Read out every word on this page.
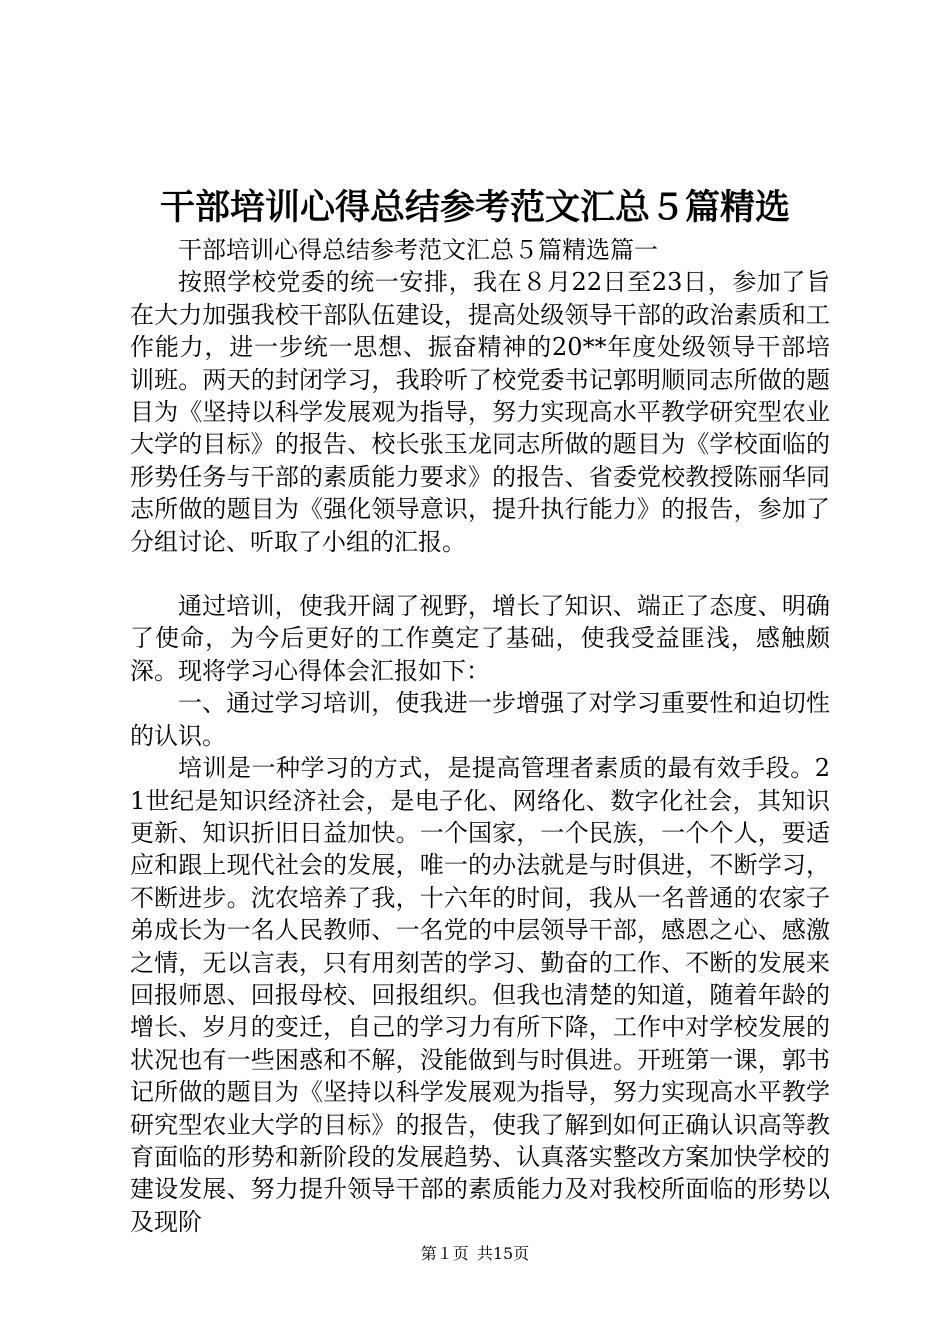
干部培训心得总结参考范文汇总５篇精选

干部培训心得总结参考范文汇总５篇精选篇一

按照学校党委的统一安排，我在８月22日至23日，参加了旨在大力加强我校干部队伍建设，提高处级领导干部的政治素质和工作能力，进一步统一思想、振奋精神的20**年度处级领导干部培训班。两天的封闭学习，我聆听了校党委书记郭明顺同志所做的题目为《坚持以科学发展观为指导，努力实现高水平教学研究型农业大学的目标》的报告、校长张玉龙同志所做的题目为《学校面临的形势任务与干部的素质能力要求》的报告、省委党校教授陈丽华同志所做的题目为《强化领导意识，提升执行能力》的报告，参加了分组讨论、听取了小组的汇报。

通过培训，使我开阔了视野，增长了知识、端正了态度、明确了使命，为今后更好的工作奠定了基础，使我受益匪浅，感触颇深。现将学习心得体会汇报如下：

一、通过学习培训，使我进一步增强了对学习重要性和迫切性的认识。

培训是一种学习的方式，是提高管理者素质的最有效手段。21世纪是知识经济社会，是电子化、网络化、数字化社会，其知识更新、知识折旧日益加快。一个国家，一个民族，一个个人，要适应和跟上现代社会的发展，唯一的办法就是与时俱进，不断学习，不断进步。沈农培养了我，十六年的时间，我从一名普通的农家子弟成长为一名人民教师、一名党的中层领导干部，感恩之心、感激之情，无以言表，只有用刻苦的学习、勤奋的工作、不断的发展来回报师恩、回报母校、回报组织。但我也清楚的知道，随着年龄的增长、岁月的变迁，自己的学习力有所下降，工作中对学校发展的状况也有一些困惑和不解，没能做到与时俱进。开班第一课，郭书记所做的题目为《坚持以科学发展观为指导，努力实现高水平教学研究型农业大学的目标》的报告，使我了解到如何正确认识高等教育面临的形势和新阶段的发展趋势、认真落实整改方案加快学校的建设发展、努力提升领导干部的素质能力及对我校所面临的形势以及现阶

第１页 共15页
